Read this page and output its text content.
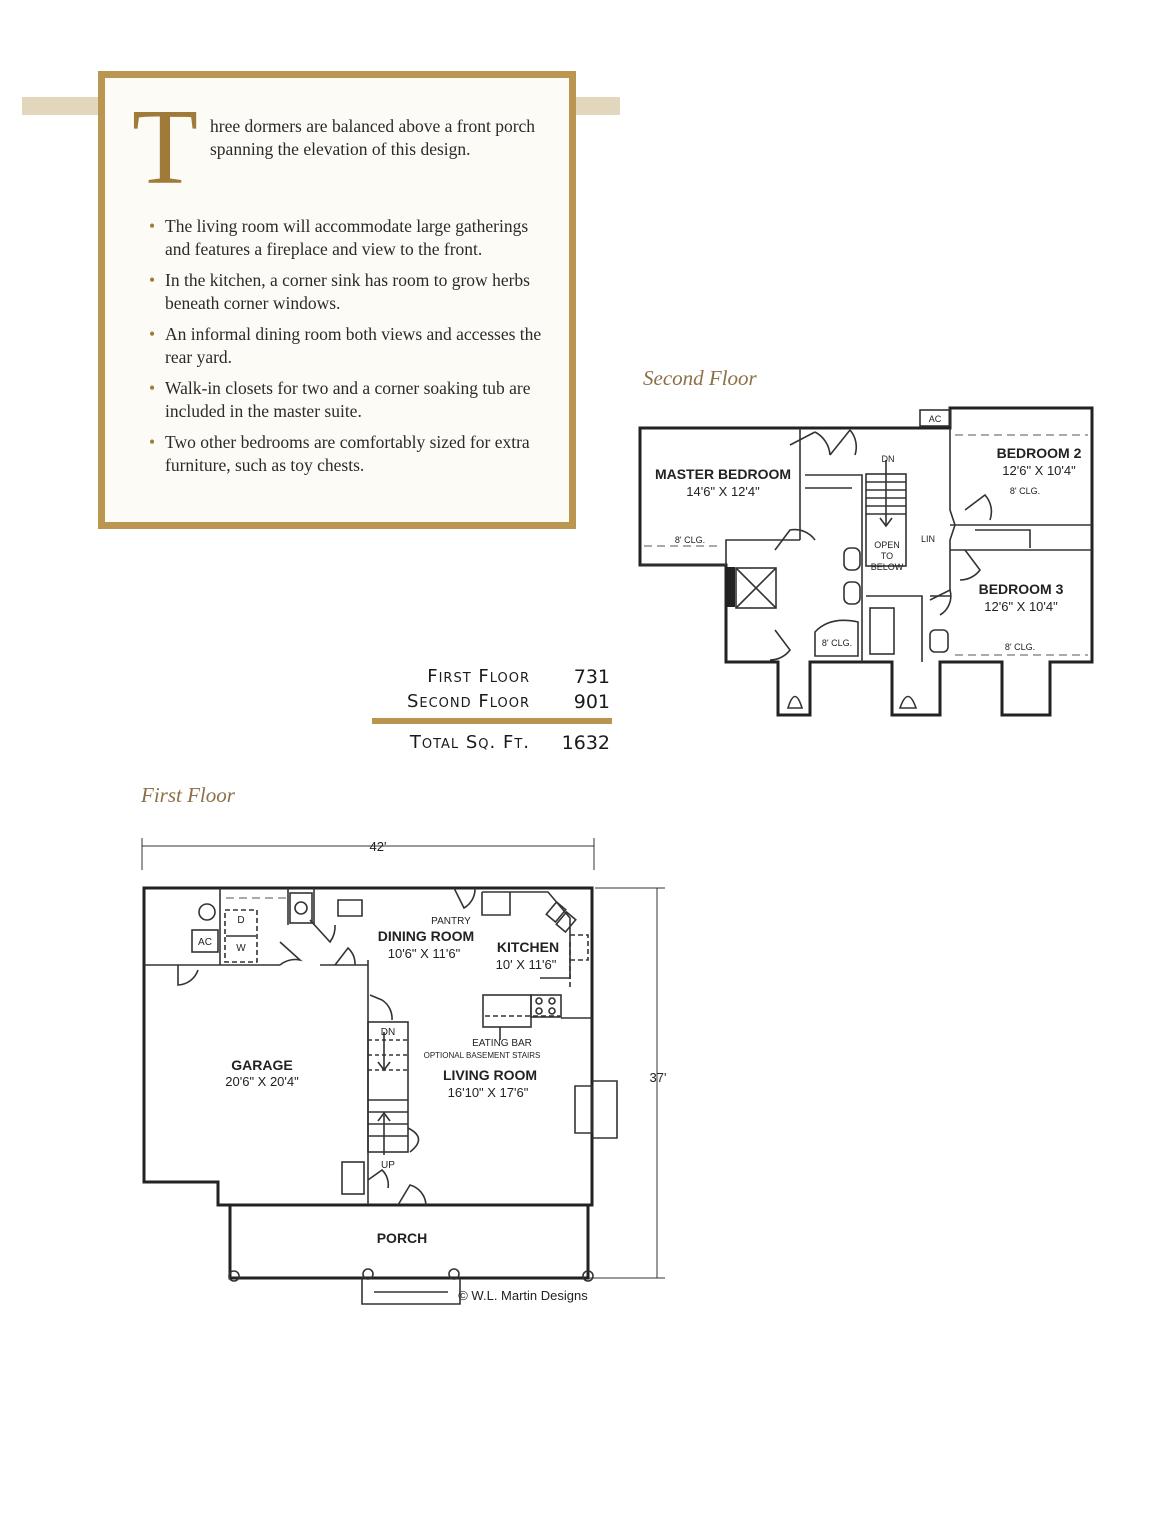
T hree dormers are balanced above a front porch spanning the elevation of this design.
• The living room will accommodate large gatherings and features a fireplace and view to the front.
• In the kitchen, a corner sink has room to grow herbs beneath corner windows.
• An informal dining room both views and accesses the rear yard.
• Walk-in closets for two and a corner soaking tub are included in the master suite.
• Two other bedrooms are comfortably sized for extra furniture, such as toy chests.
Second Floor
MASTER BEDROOM
BEDROOM 2
BEDROOM 3
14'6" X 12'4"
12'6" X 10'4"
12'6" X 10'4"
8' CLG.
8' CLG.
8' CLG.
8' CLG.
DN
OPEN
TO
BELOW
LIN
AC
First Floor 731
Second Floor 901
Total Sq. Ft. 1632
First Floor
DINING ROOM
KITCHEN
GARAGE
LIVING ROOM
PORCH
10'6" X 11'6"
10' X 11'6"
20'6" X 20'4"
16'10" X 17'6"
42'
37'
© W.L. Martin Designs
PANTRY
EATING BAR
AC
D
W
DN
UP
OPTIONAL BASEMENT STAIRS
